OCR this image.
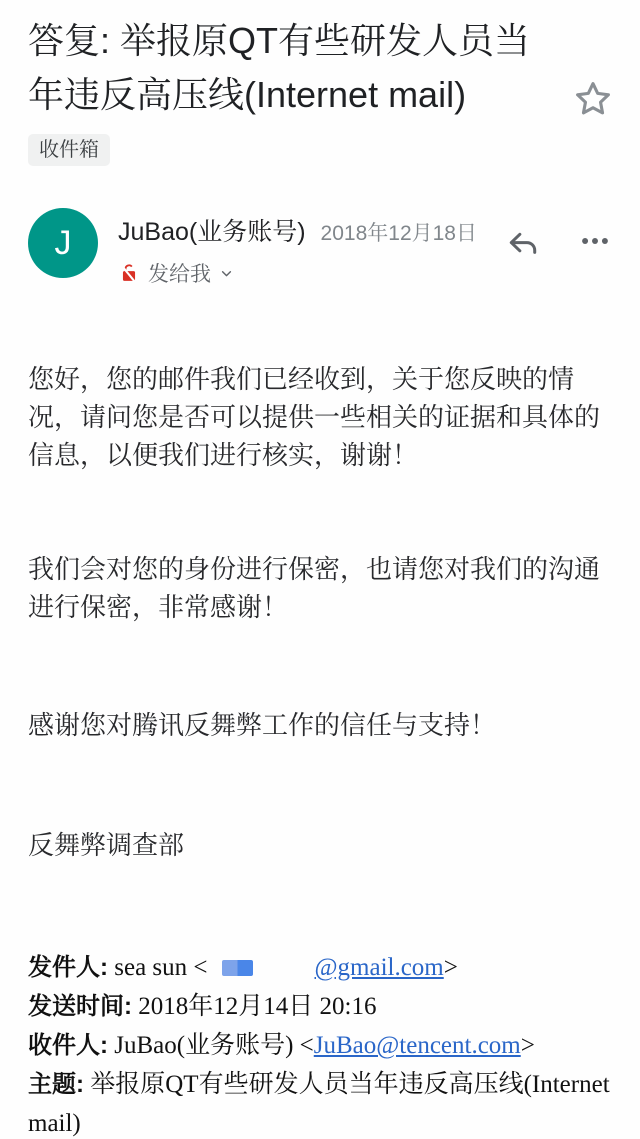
答复: 举报原QT有些研发人员当年违反高压线(Internet mail)
收件箱
J	JuBao(业务账号) 2018年12月18日
发给我

您好，您的邮件我们已经收到，关于您反映的情况，请问您是否可以提供一些相关的证据和具体的信息，以便我们进行核实，谢谢！

我们会对您的身份进行保密，也请您对我们的沟通进行保密，非常感谢！

感谢您对腾讯反舞弊工作的信任与支持！

反舞弊调查部

发件人: sea sun <	@gmail.com>
发送时间: 2018年12月14日 20:16
收件人: JuBao(业务账号) <JuBao@tencent.com>
主题: 举报原QT有些研发人员当年违反高压线(Internet mail)
